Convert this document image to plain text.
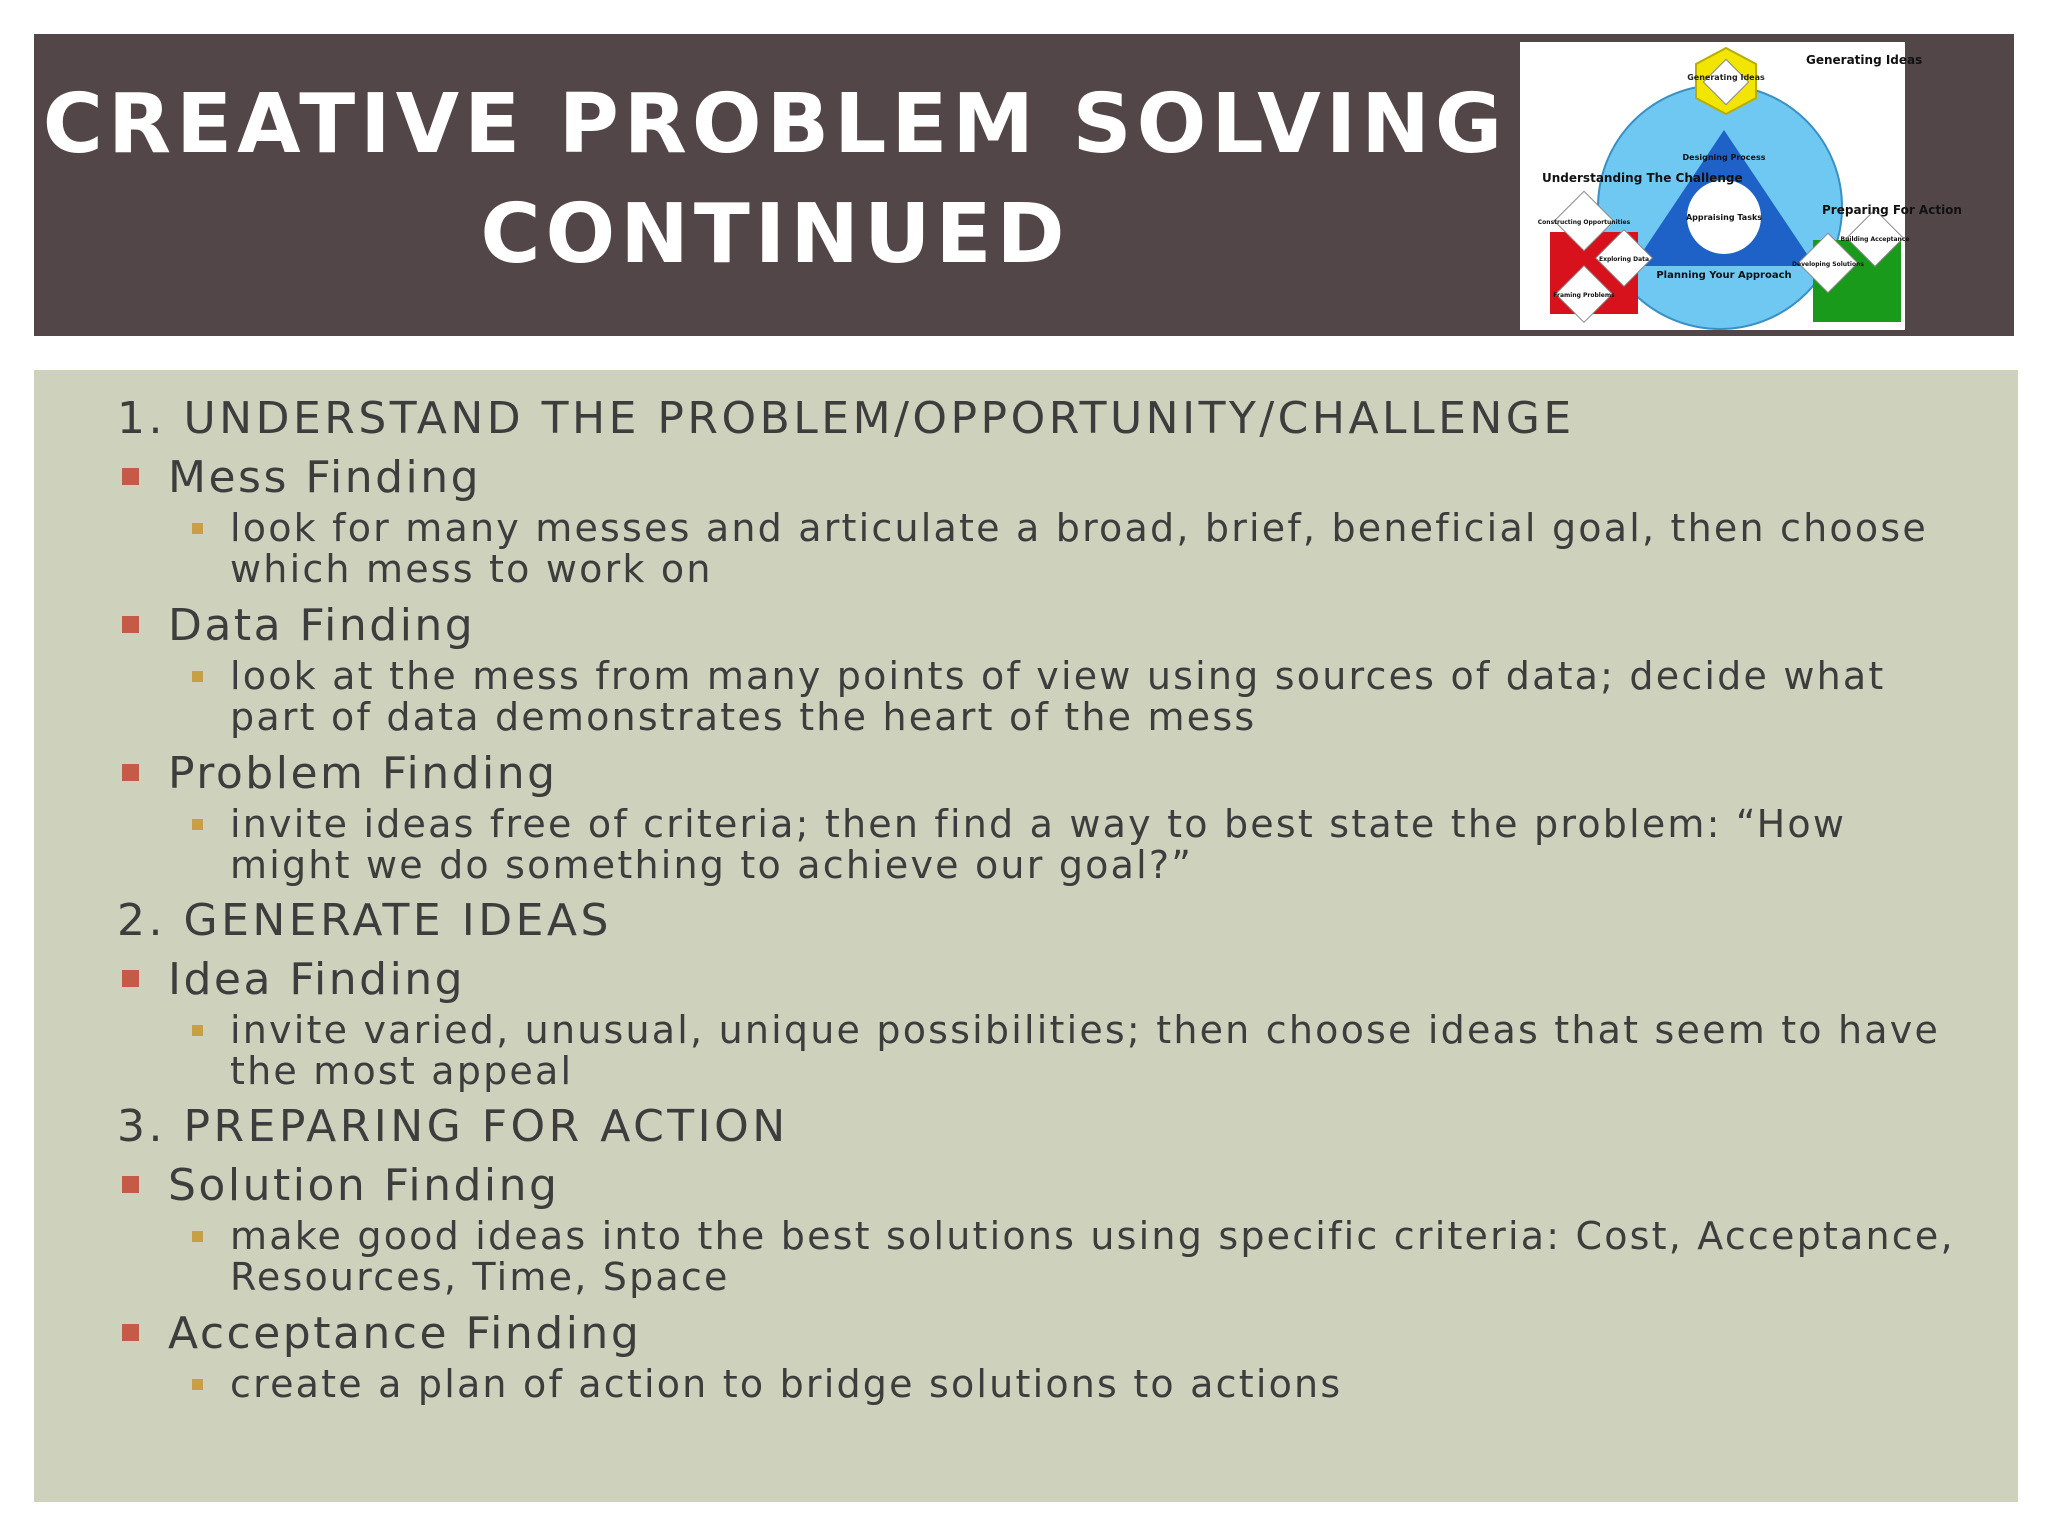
CREATIVE PROBLEM SOLVING CONTINUED
Generating Ideas
Generating Ideas
Understanding The Challenge
Preparing For Action
Designing Process
Appraising Tasks
Planning Your Approach
Constructing Opportunities
Exploring Data
Framing Problems
Developing Solutions
Building Acceptance
1. UNDERSTAND THE PROBLEM/OPPORTUNITY/CHALLENGE
Mess Finding
look for many messes and articulate a broad, brief, beneficial goal, then choose which mess to work on
Data Finding
look at the mess from many points of view using sources of data; decide what part of data demonstrates the heart of the mess
Problem Finding
invite ideas free of criteria; then find a way to best state the problem: “How might we do something to achieve our goal?”
2. GENERATE IDEAS
Idea Finding
invite varied, unusual, unique possibilities; then choose ideas that seem to have the most appeal
3. PREPARING FOR ACTION
Solution Finding
make good ideas into the best solutions using specific criteria: Cost, Acceptance, Resources, Time, Space
Acceptance Finding
create a plan of action to bridge solutions to actions
